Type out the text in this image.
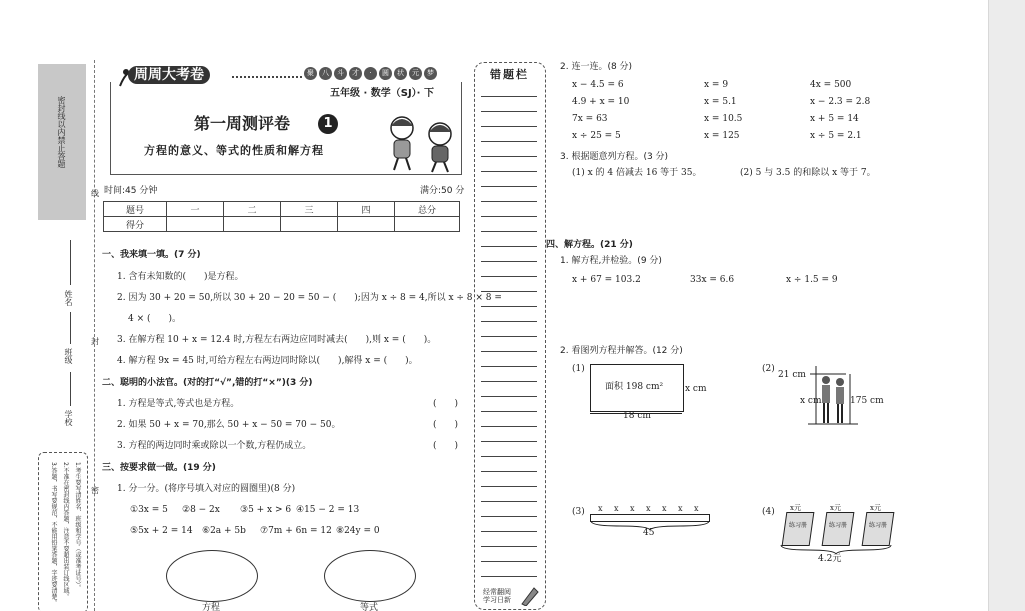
密封线以内禁止答题
线
封
密
姓名
班级
学校
1.考生要写清姓名、班级和学号（或准考证号）。
2.不准在密封线内答题，注意不要超出装订线区域。
3.答题，书写要规范，不能用铅笔答题，字迹要清楚。
周周大考卷	聚	八	斗	才	·	圆	状	元	梦
五年级 · 数学（SJ）· 下
第一周测评卷	1
方程的意义、等式的性质和解方程
时间:45 分钟	满分:50 分
题号	一	二	三	四	总分
得分					
一、我来填一填。(7 分)
1. 含有未知数的(　　)是方程。
2. 因为 30 + 20 = 50,所以 30 + 20 − 20 = 50 − (　　);因为 x ÷ 8 = 4,所以 x ÷ 8 × 8 =
4 × (　　)。
3. 在解方程 10 + x = 12.4 时,方程左右两边应同时减去(　　),则 x = (　　)。
4. 解方程 9x = 45 时,可给方程左右两边同时除以(　　),解得 x = (　　)。
二、聪明的小法官。(对的打“√”,错的打“×”)(3 分)
1. 方程是等式,等式也是方程。	(　　)
2. 如果 50 + x = 70,那么 50 + x − 50 = 70 − 50。	(　　)
3. 方程的两边同时乘或除以一个数,方程仍成立。	(　　)
三、按要求做一做。(19 分)
1. 分一分。(将序号填入对应的圆圈里)(8 分)
①3x = 5 ②8 − 2x ③5 + x > 6 ④15 − 2 = 13
⑤5x + 2 = 14 ⑥2a + 5b ⑦7m + 6n = 12 ⑧24y = 0
方程	等式
错题栏
经常翻阅 学习日新
2. 连一连。(8 分)
x − 4.5 = 6	x = 9	4x = 500
4.9 + x = 10	x = 5.1	x − 2.3 = 2.8
7x = 63	x = 10.5	x + 5 = 14
x ÷ 25 = 5	x = 125	x ÷ 5 = 2.1
3. 根据题意列方程。(3 分)
(1) x 的 4 倍减去 16 等于 35。	(2) 5 与 3.5 的和除以 x 等于 7。
四、解方程。(21 分)
1. 解方程,并检验。(9 分)
x + 67 = 103.2	33x = 6.6	x ÷ 1.5 = 9
2. 看图列方程并解答。(12 分)
(1)
面积 198 cm² x cm
18 cm
(2)
21 cm
x cm	175 cm
(3) x x x x x x x
45
(4) x元	x元	x元
练习册	练习册	练习册
4.2元
